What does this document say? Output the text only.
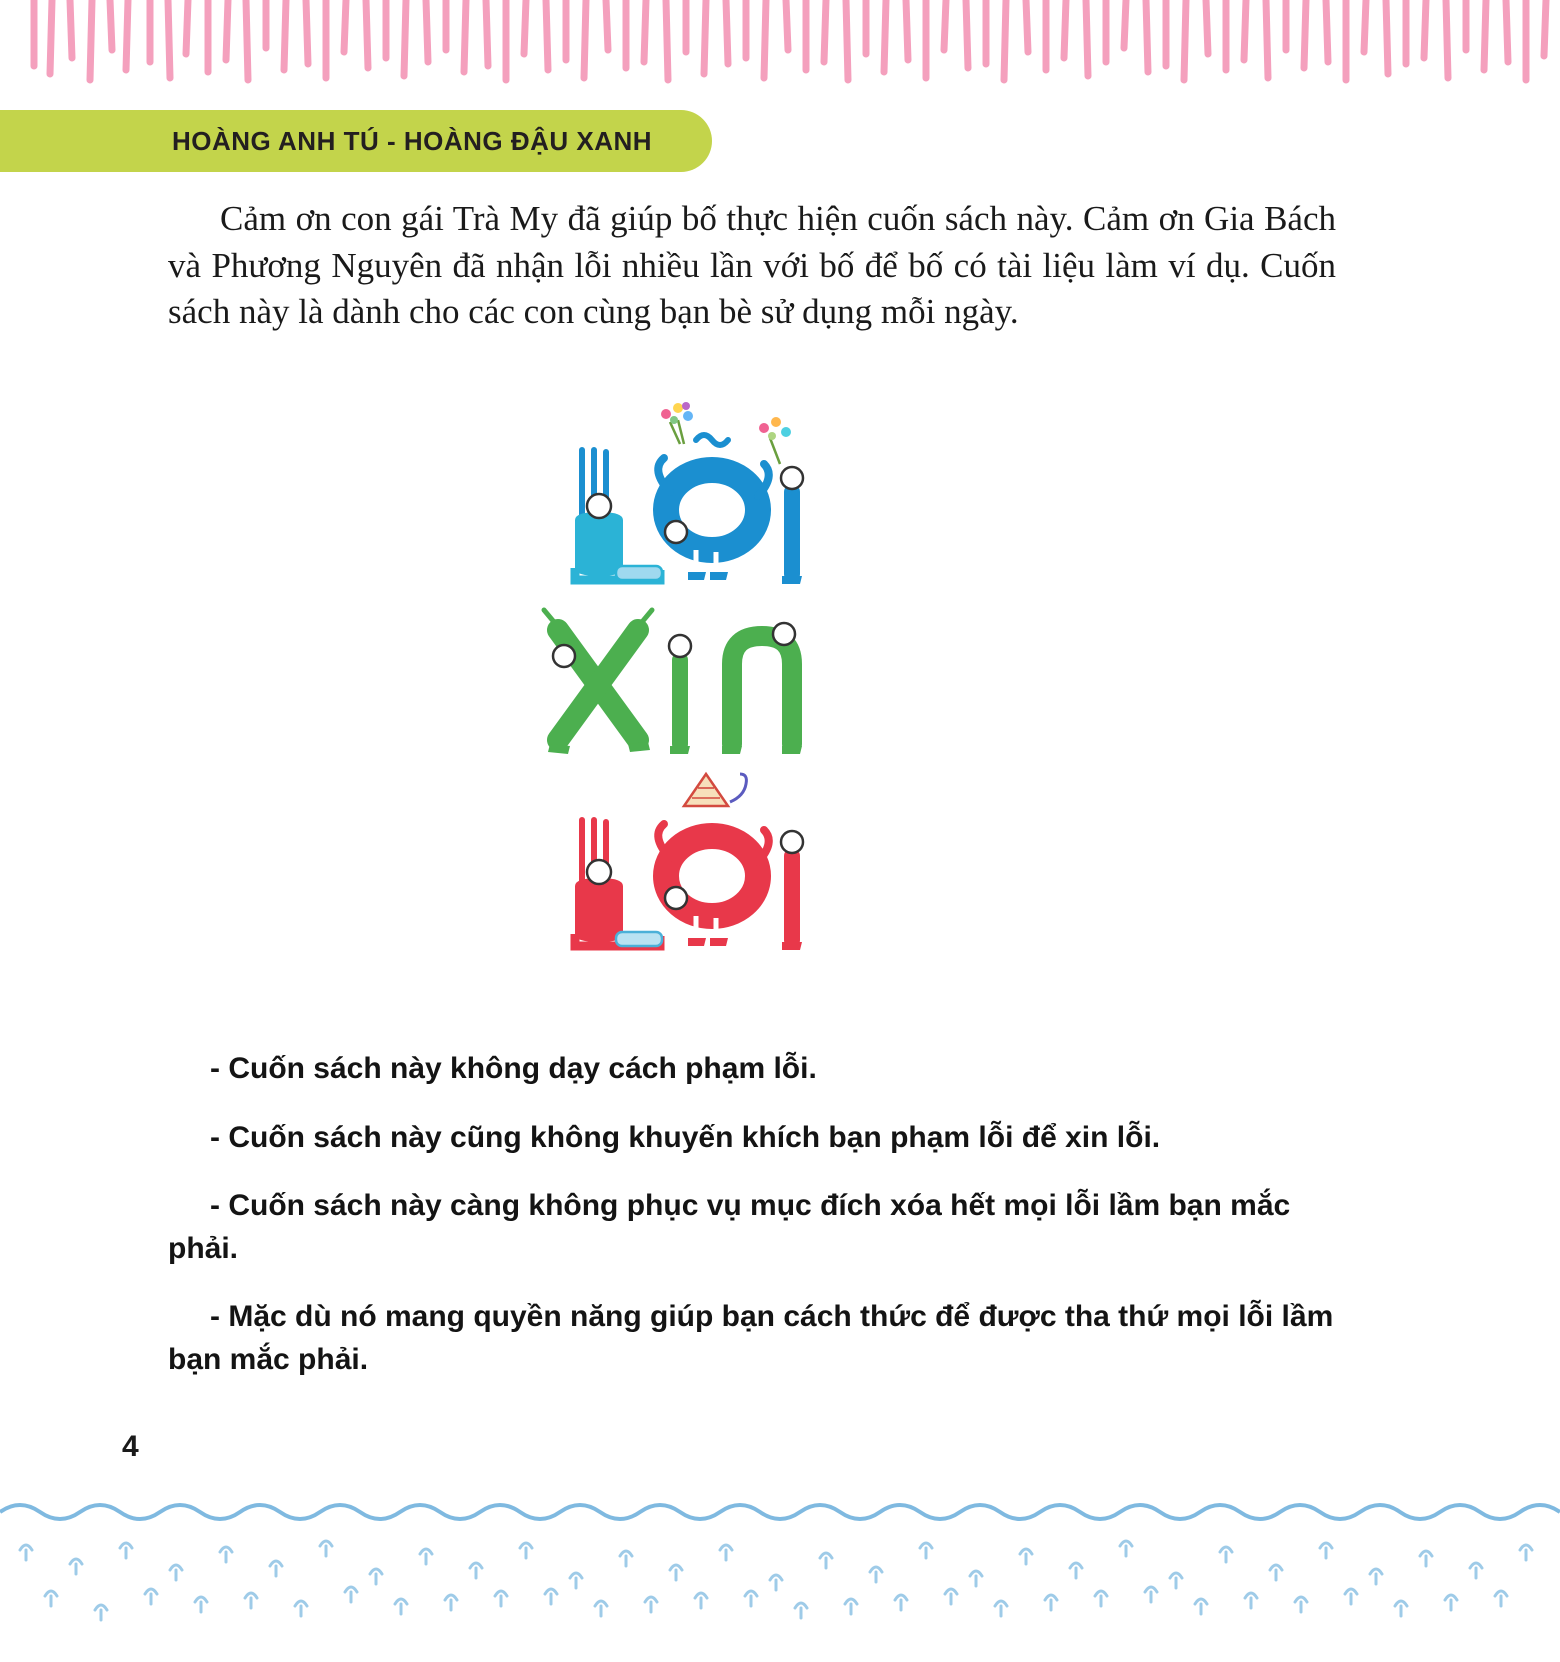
HOÀNG ANH TÚ - HOÀNG ĐẬU XANH
Cảm ơn con gái Trà My đã giúp bố thực hiện cuốn sách này. Cảm ơn Gia Bách và Phương Nguyên đã nhận lỗi nhiều lần với bố để bố có tài liệu làm ví dụ. Cuốn sách này là dành cho các con cùng bạn bè sử dụng mỗi ngày.

- Cuốn sách này không dạy cách phạm lỗi.

- Cuốn sách này cũng không khuyến khích bạn phạm lỗi để xin lỗi.

- Cuốn sách này càng không phục vụ mục đích xóa hết mọi lỗi lầm bạn mắc phải.

- Mặc dù nó mang quyền năng giúp bạn cách thức để được tha thứ mọi lỗi lầm bạn mắc phải.

4
